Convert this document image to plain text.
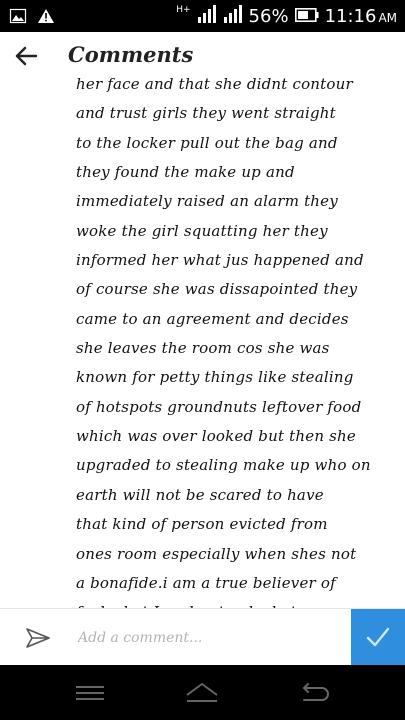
H+	56% 11:16 AM
Comments
her face and that she didnt contour
and trust girls they went straight
to the locker pull out the bag and
they found the make up and
immediately raised an alarm they
woke the girl squatting her they
informed her what jus happened and
of course she was dissapointed they
came to an agreement and decides
she leaves the room cos she was
known for petty things like stealing
of hotspots groundnuts leftover food
which was over looked but then she
upgraded to stealing make up who on
earth will not be scared to have
that kind of person evicted from
ones room especially when shes not
a bonafide.i am a true believer of
Add a comment...
